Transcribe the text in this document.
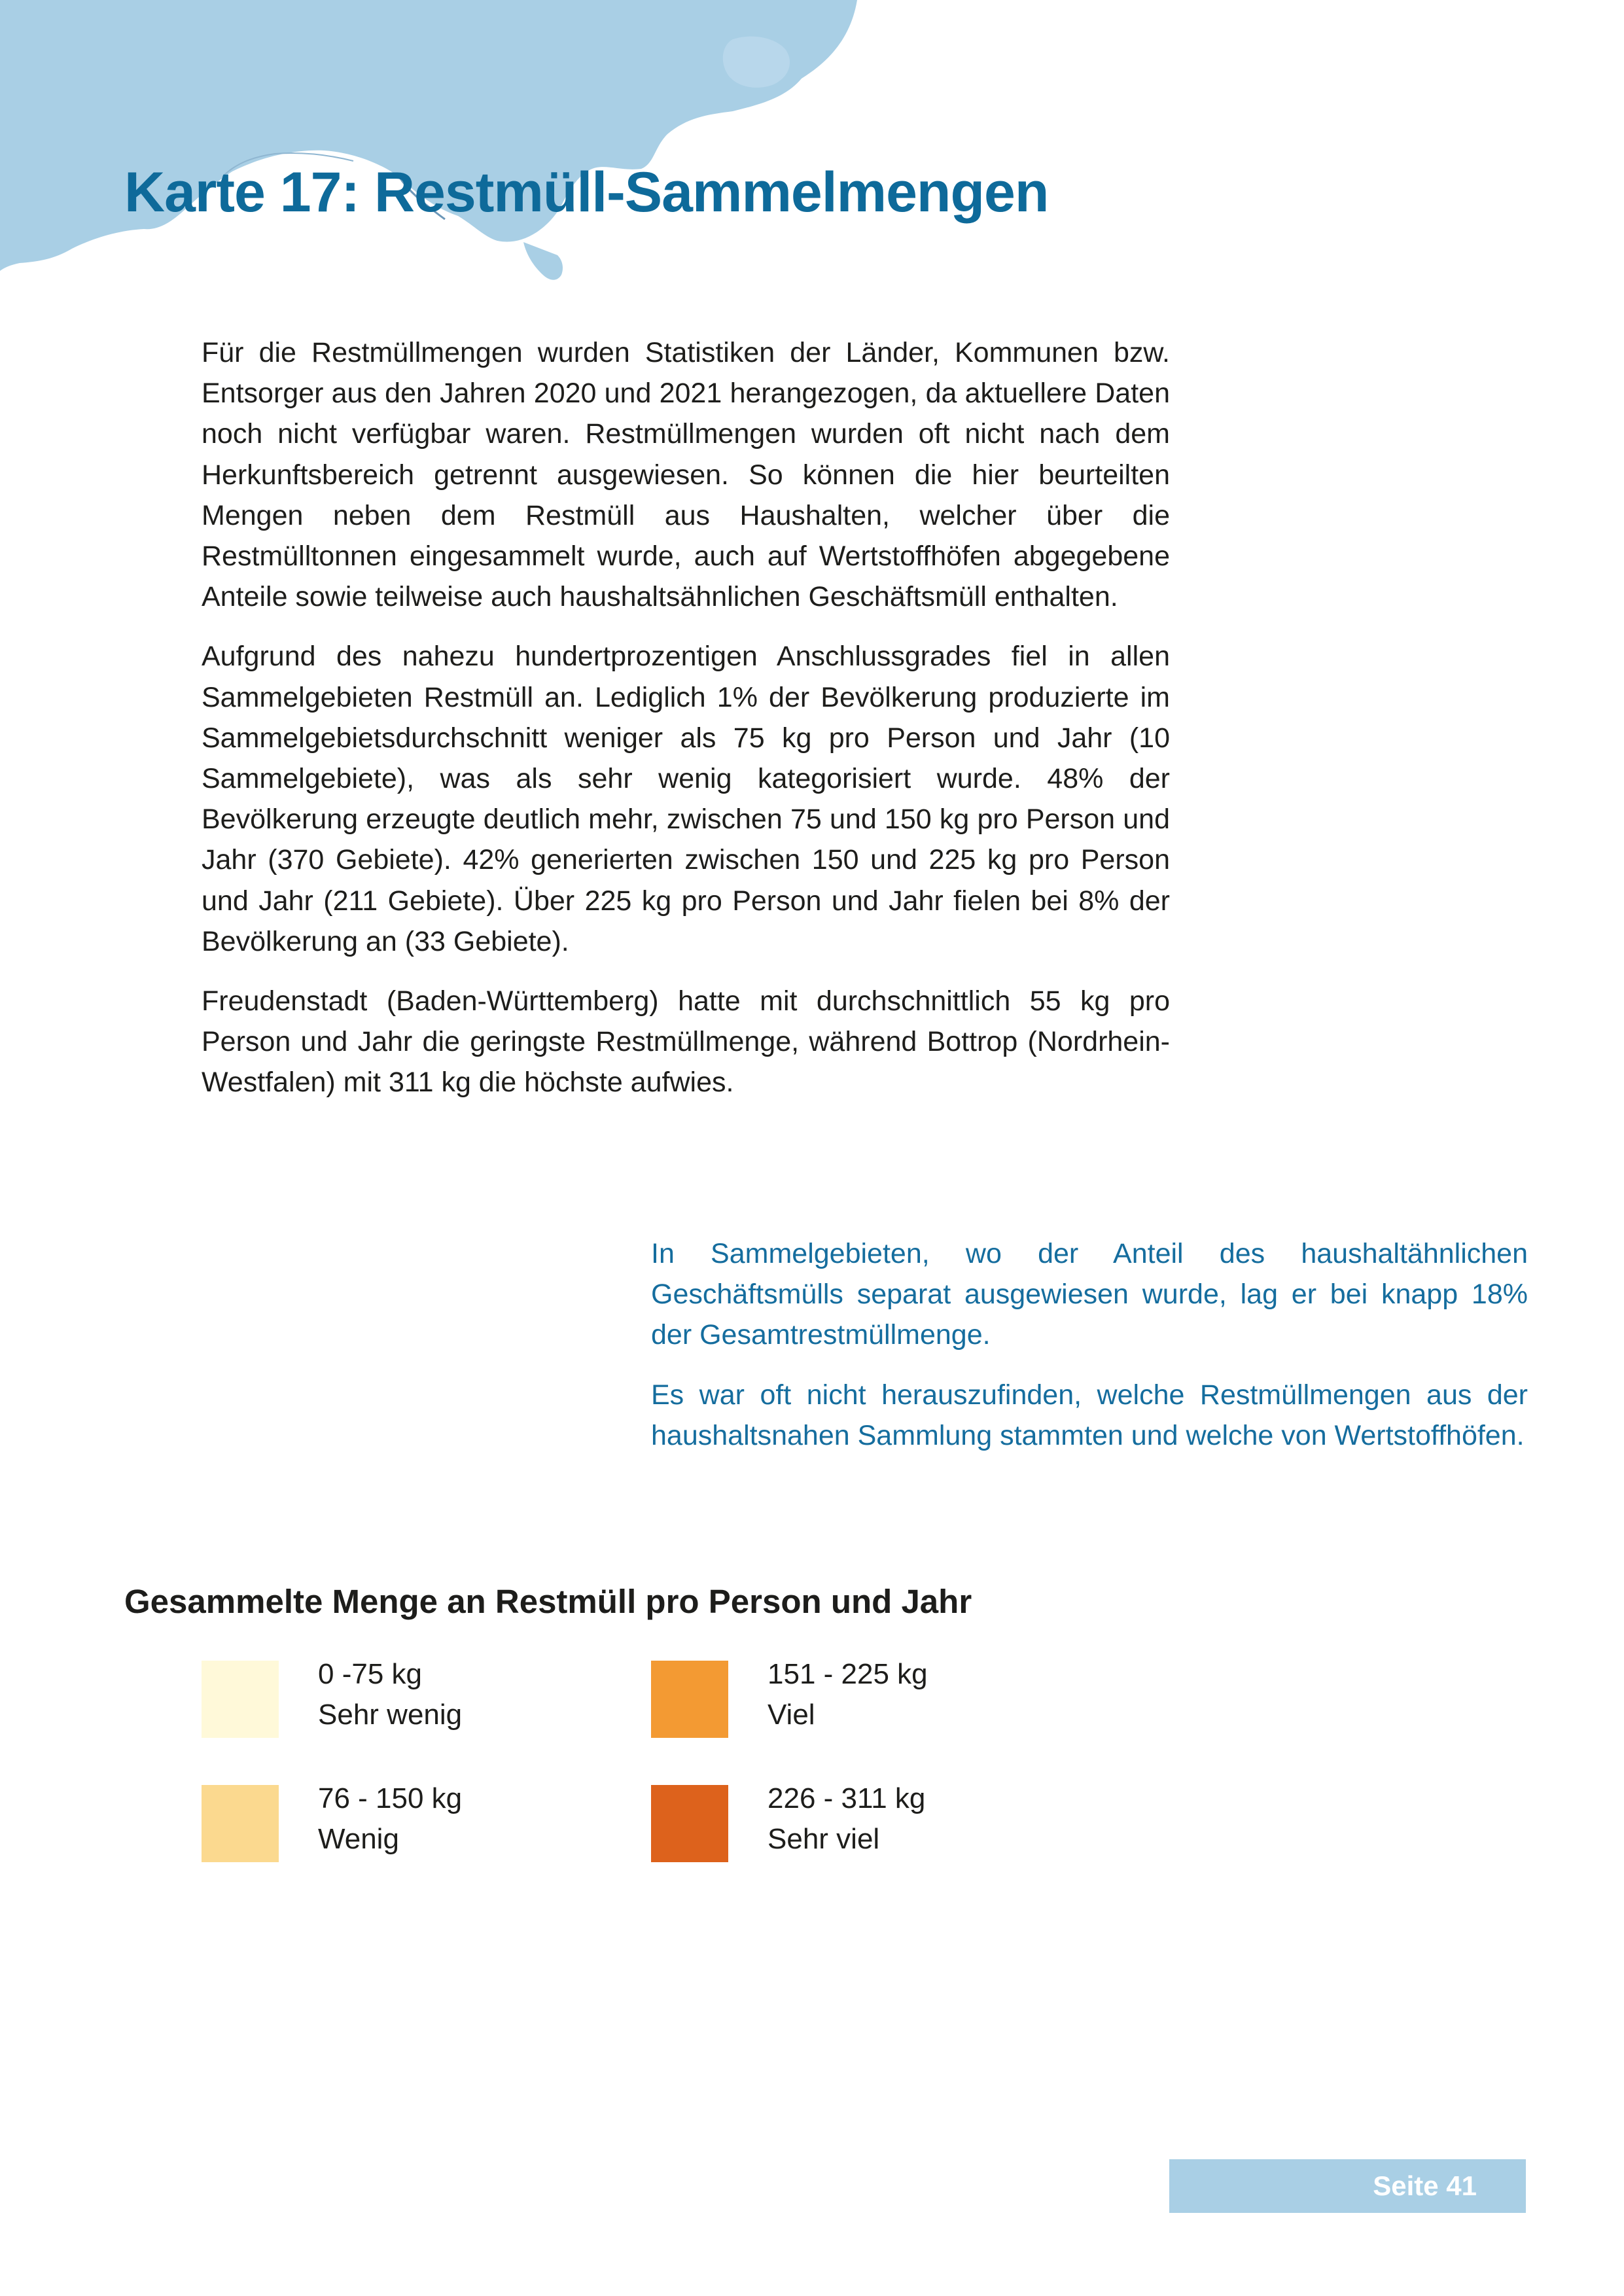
Karte 17: Restmüll-Sammelmengen

Für die Restmüllmengen wurden Statistiken der Länder, Kommunen bzw. Entsorger aus den Jahren 2020 und 2021 herangezogen, da aktuellere Daten noch nicht verfügbar waren. Restmüllmengen wurden oft nicht nach dem Herkunftsbereich getrennt ausgewiesen. So können die hier beurteilten Mengen neben dem Restmüll aus Haushalten, welcher über die Restmülltonnen eingesammelt wurde, auch auf Wertstoffhöfen abgegebene Anteile sowie teilweise auch haushaltsähnlichen Geschäftsmüll enthalten.

Aufgrund des nahezu hundertprozentigen Anschlussgrades fiel in allen Sammelgebieten Restmüll an. Lediglich 1% der Bevölkerung produzierte im Sammelgebietsdurchschnitt weniger als 75 kg pro Person und Jahr (10 Sammelgebiete), was als sehr wenig kategorisiert wurde. 48% der Bevölkerung erzeugte deutlich mehr, zwischen 75 und 150 kg pro Person und Jahr (370 Gebiete). 42% generierten zwischen 150 und 225 kg pro Person und Jahr (211 Gebiete). Über 225 kg pro Person und Jahr fielen bei 8% der Bevölkerung an (33 Gebiete).

Freudenstadt (Baden-Württemberg) hatte mit durchschnittlich 55 kg pro Person und Jahr die geringste Restmüllmenge, während Bottrop (Nordrhein-Westfalen) mit 311 kg die höchste aufwies.

In Sammelgebieten, wo der Anteil des haushaltähnlichen Geschäftsmülls separat ausgewiesen wurde, lag er bei knapp 18% der Gesamtrestmüllmenge.

Es war oft nicht herauszufinden, welche Restmüllmengen aus der haushaltsnahen Sammlung stammten und welche von Wertstoffhöfen.

Gesammelte Menge an Restmüll pro Person und Jahr
0 -75 kg
Sehr wenig
76 - 150 kg
Wenig
151 - 225 kg
Viel
226 - 311 kg
Sehr viel
Seite 41
